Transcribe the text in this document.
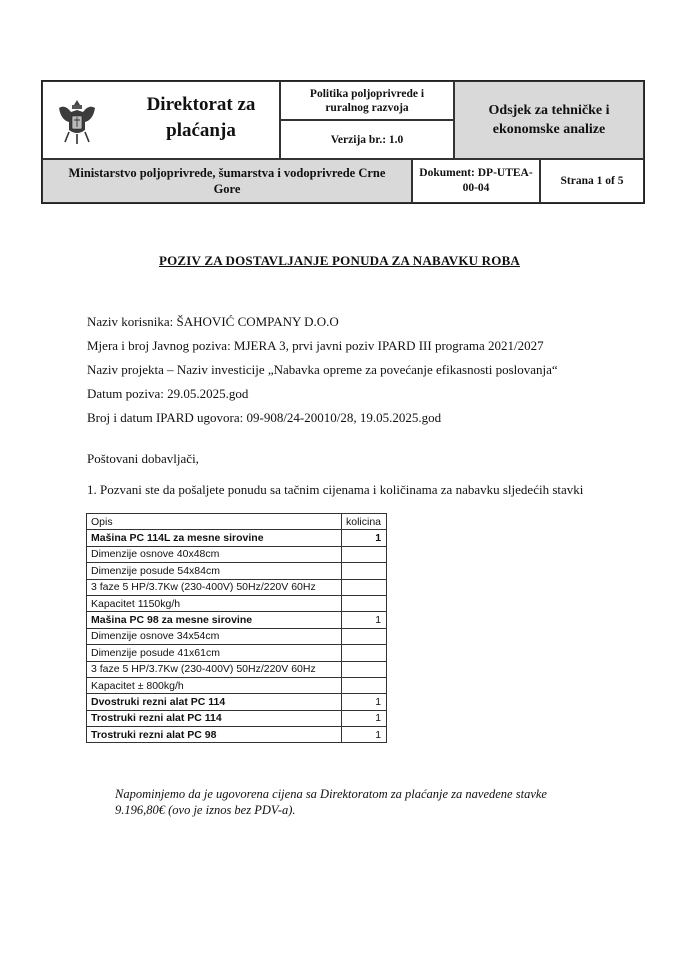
Direktorat za
plaćanja
Politika poljoprivrede i
ruralnog razvoja
Verzija br.: 1.0
Odsjek za tehničke i
ekonomske analize
Ministarstvo poljoprivrede, šumarstva i vodoprivrede Crne
Gore
Dokument: DP-UTEA-
00-04
Strana 1 of 5
POZIV ZA DOSTAVLJANJE PONUDA ZA NABAVKU ROBA
Naziv korisnika: ŠAHOVIĆ COMPANY D.O.O
Mjera i broj Javnog poziva: MJERA 3, prvi javni poziv IPARD III programa 2021/2027
Naziv projekta – Naziv investicije „Nabavka opreme za povećanje efikasnosti poslovanja“
Datum poziva: 29.05.2025.god
Broj i datum IPARD ugovora: 09-908/24-20010/28, 19.05.2025.god
Poštovani dobavljači,
1. Pozvani ste da pošaljete ponudu sa tačnim cijenama i količinama za nabavku sljedećih stavki
Opis	kolicina
Mašina PC 114L za mesne sirovine	1
Dimenzije osnove 40x48cm	
Dimenzije posude 54x84cm	
3 faze 5 HP/3.7Kw (230-400V) 50Hz/220V 60Hz	
Kapacitet 1150kg/h	
Mašina PC 98 za mesne sirovine	1
Dimenzije osnove 34x54cm	
Dimenzije posude 41x61cm	
3 faze 5 HP/3.7Kw (230-400V) 50Hz/220V 60Hz	
Kapacitet ± 800kg/h	
Dvostruki rezni alat PC 114	1
Trostruki rezni alat PC 114	1
Trostruki rezni alat PC 98	1
Napominjemo da je ugovorena cijena sa Direktoratom za plaćanje za navedene stavke
9.196,80€ (ovo je iznos bez PDV-a).
